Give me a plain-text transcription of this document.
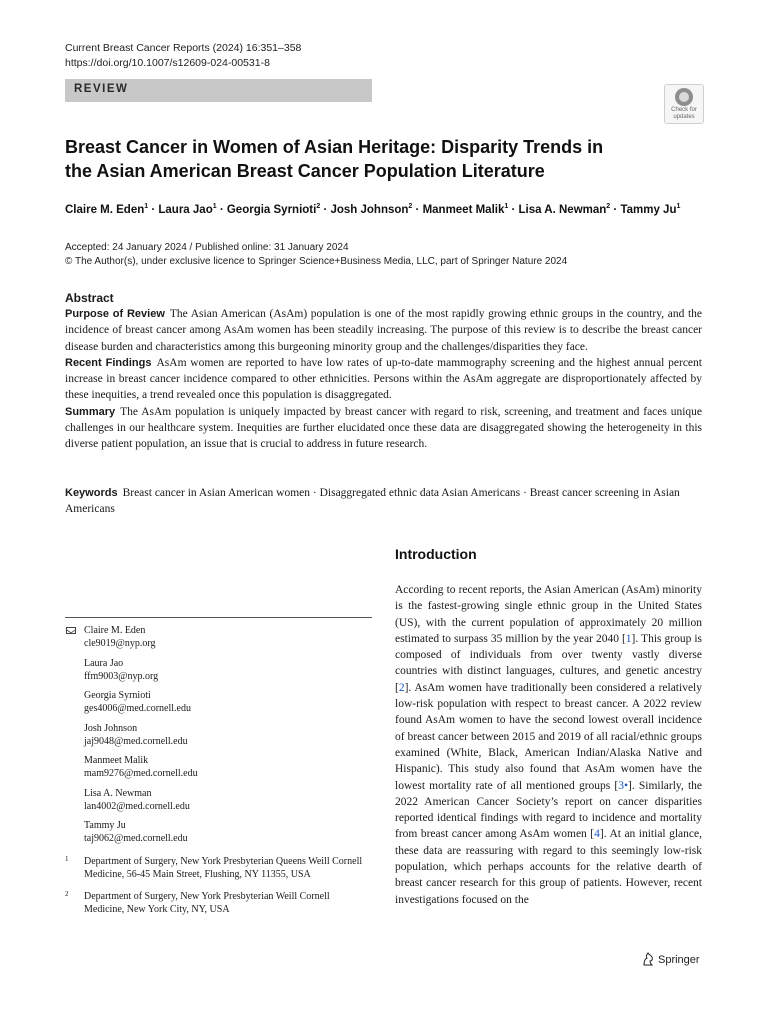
Current Breast Cancer Reports (2024) 16:351–358
https://doi.org/10.1007/s12609-024-00531-8
REVIEW
Check for updates
Breast Cancer in Women of Asian Heritage: Disparity Trends in the Asian American Breast Cancer Population Literature
Claire M. Eden$^1$ · Laura Jao$^1$ · Georgia Syrnioti$^2$ · Josh Johnson$^2$ · Manmeet Malik$^1$ · Lisa A. Newman$^2$ · Tammy Ju$^1$
Accepted: 24 January 2024 / Published online: 31 January 2024
© The Author(s), under exclusive licence to Springer Science+Business Media, LLC, part of Springer Nature 2024
Abstract

Purpose of Review The Asian American (AsAm) population is one of the most rapidly growing ethnic groups in the country, and the incidence of breast cancer among AsAm women has been steadily increasing. The purpose of this review is to describe the breast cancer disease burden and characteristics among this burgeoning minority group and the challenges/disparities they face.

Recent Findings AsAm women are reported to have low rates of up-to-date mammography screening and the highest annual percent increase in breast cancer incidence compared to other ethnicities. Persons within the AsAm aggregate are disproportionately affected by these inequities, a trend revealed once this population is disaggregated.

Summary The AsAm population is uniquely impacted by breast cancer with regard to risk, screening, and treatment and faces unique challenges in our healthcare system. Inequities are further elucidated once these data are disaggregated showing the heterogeneity in this diverse patient population, an issue that is crucial to address in future research.

Keywords Breast cancer in Asian American women · Disaggregated ethnic data Asian Americans · Breast cancer screening in Asian Americans
Introduction

According to recent reports, the Asian American (AsAm) minority is the fastest-growing single ethnic group in the United States (US), with the current population of approximately 20 million estimated to surpass 35 million by the year 2040 [1]. This group is composed of individuals from over twenty vastly diverse countries with distinct languages, cultures, and genetic ancestry [2]. AsAm women have traditionally been considered a relatively low-risk population with respect to breast cancer. A 2022 review found AsAm women to have the second lowest overall incidence of breast cancer between 2015 and 2019 of all racial/ethnic groups examined (White, Black, American Indian/Alaska Native and Hispanic). This study also found that AsAm women have the lowest mortality rate of all mentioned groups [3•]. Similarly, the 2022 American Cancer Society’s report on cancer disparities reported identical findings with regard to incidence and mortality from breast cancer among AsAm women [4]. At an initial glance, these data are reassuring with regard to this seemingly low-risk population, which perhaps accounts for the relative dearth of breast cancer research for this group of patients. However, recent investigations focused on the

Claire M. Eden
cle9019@nyp.org
Laura Jao
ffm9003@nyp.org
Georgia Syrnioti
ges4006@med.cornell.edu
Josh Johnson
jaj9048@med.cornell.edu
Manmeet Malik
mam9276@med.cornell.edu
Lisa A. Newman
lan4002@med.cornell.edu
Tammy Ju
taj9062@med.cornell.edu
1 Department of Surgery, New York Presbyterian Queens Weill Cornell Medicine, 56-45 Main Street, Flushing, NY 11355, USA
2 Department of Surgery, New York Presbyterian Weill Cornell Medicine, New York City, NY, USA
Springer
